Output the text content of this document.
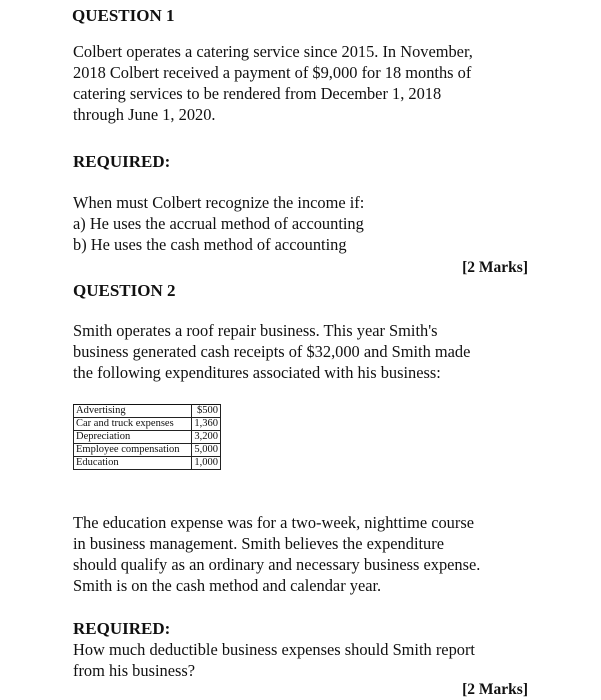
QUESTION 1
Colbert operates a catering service since 2015. In November,
2018 Colbert received a payment of $9,000 for 18 months of
catering services to be rendered from December 1, 2018
through June 1, 2020.
REQUIRED:
When must Colbert recognize the income if:
a) He uses the accrual method of accounting
b) He uses the cash method of accounting
[2 Marks]
QUESTION 2
Smith operates a roof repair business. This year Smith's
business generated cash receipts of $32,000 and Smith made
the following expenditures associated with his business:
Advertising	$500
Car and truck expenses	1,360
Depreciation	3,200
Employee compensation	5,000
Education	1,000
The education expense was for a two-week, nighttime course
in business management. Smith believes the expenditure
should qualify as an ordinary and necessary business expense.
Smith is on the cash method and calendar year.
REQUIRED:
How much deductible business expenses should Smith report
from his business?
[2 Marks]
